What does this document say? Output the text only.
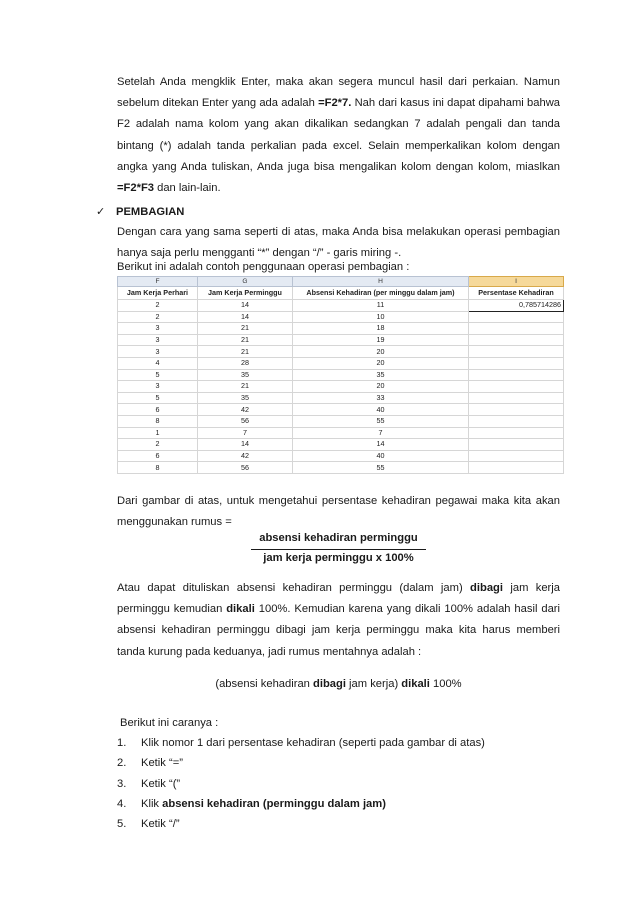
Setelah Anda mengklik Enter, maka akan segera muncul hasil dari perkaian. Namun sebelum ditekan Enter yang ada adalah =F2*7. Nah dari kasus ini dapat dipahami bahwa F2 adalah nama kolom yang akan dikalikan sedangkan 7 adalah pengali dan tanda bintang (*) adalah tanda perkalian pada excel. Selain memperkalikan kolom dengan angka yang Anda tuliskan, Anda juga bisa mengalikan kolom dengan kolom, miaslkan =F2*F3 dan lain-lain.

✓ PEMBAGIAN

Dengan cara yang sama seperti di atas, maka Anda bisa melakukan operasi pembagian hanya saja perlu mengganti “*” dengan “/” - garis miring -.

Berikut ini adalah contoh penggunaan operasi pembagian :

F	G	H	I
Jam Kerja Perhari	Jam Kerja Perminggu	Absensi Kehadiran (per minggu dalam jam)	Persentase Kehadiran
2	14	11	0,785714286
2	14	10	
3	21	18	
3	21	19	
3	21	20	
4	28	20	
5	35	35	
3	21	20	
5	35	33	
6	42	40	
8	56	55	
1	7	7	
2	14	14	
6	42	40	
8	56	55	

Dari gambar di atas, untuk mengetahui persentase kehadiran pegawai maka kita akan menggunakan rumus =

absensi kehadiran perminggu
jam kerja perminggu x 100%

Atau dapat dituliskan absensi kehadiran perminggu (dalam jam) dibagi jam kerja perminggu kemudian dikali 100%. Kemudian karena yang dikali 100% adalah hasil dari absensi kehadiran perminggu dibagi jam kerja perminggu maka kita harus memberi tanda kurung pada keduanya, jadi rumus mentahnya adalah :

(absensi kehadiran dibagi jam kerja) dikali 100%
Berikut ini caranya :
1.	Klik nomor 1 dari persentase kehadiran (seperti pada gambar di atas)
2.	Ketik “=”
3.	Ketik “(”
4.	Klik absensi kehadiran (perminggu dalam jam)
5.	Ketik “/”
